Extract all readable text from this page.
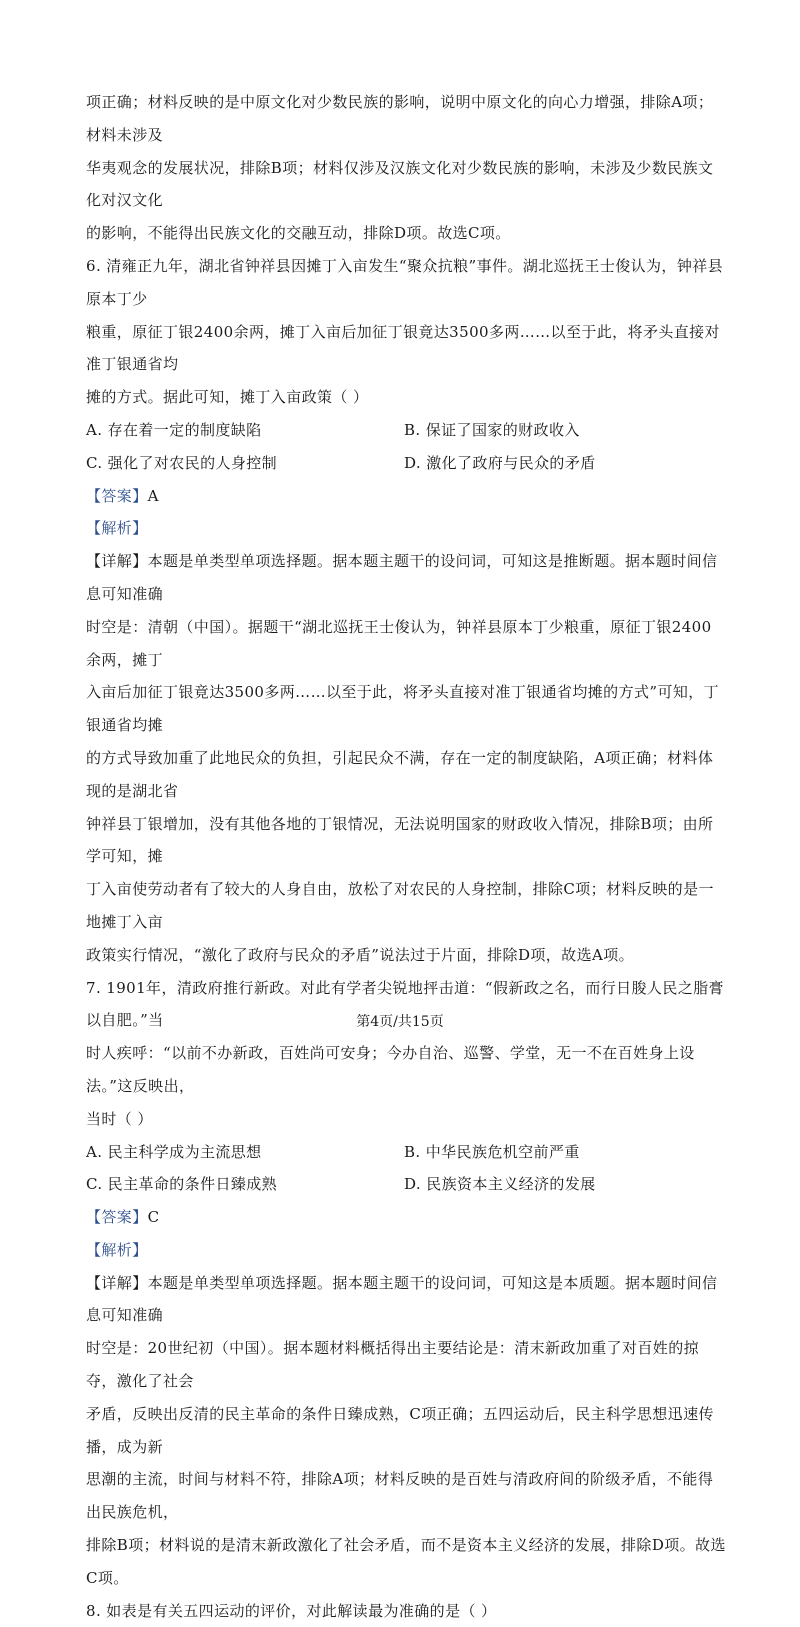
项正确；材料反映的是中原文化对少数民族的影响，说明中原文化的向心力增强，排除A项；材料未涉及

华夷观念的发展状况，排除B项；材料仅涉及汉族文化对少数民族的影响，未涉及少数民族文化对汉文化

的影响，不能得出民族文化的交融互动，排除D项。故选C项。

6. 清雍正九年，湖北省钟祥县因摊丁入亩发生“聚众抗粮”事件。湖北巡抚王士俊认为，钟祥县原本丁少

粮重，原征丁银2400余两，摊丁入亩后加征丁银竟达3500多两……以至于此，将矛头直接对准丁银通省均

摊的方式。据此可知，摊丁入亩政策（ ）

A. 存在着一定的制度缺陷	B. 保证了国家的财政收入
C. 强化了对农民的人身控制	D. 激化了政府与民众的矛盾

【答案】A

【解析】

【详解】本题是单类型单项选择题。据本题主题干的设问词，可知这是推断题。据本题时间信息可知准确

时空是：清朝（中国）。据题干“湖北巡抚王士俊认为，钟祥县原本丁少粮重，原征丁银2400余两，摊丁

入亩后加征丁银竟达3500多两……以至于此，将矛头直接对准丁银通省均摊的方式”可知，丁银通省均摊

的方式导致加重了此地民众的负担，引起民众不满，存在一定的制度缺陷，A项正确；材料体现的是湖北省

钟祥县丁银增加，没有其他各地的丁银情况，无法说明国家的财政收入情况，排除B项；由所学可知，摊

丁入亩使劳动者有了较大的人身自由，放松了对农民的人身控制，排除C项；材料反映的是一地摊丁入亩

政策实行情况，“激化了政府与民众的矛盾”说法过于片面，排除D项，故选A项。

7. 1901年，清政府推行新政。对此有学者尖锐地抨击道：“假新政之名，而行日朘人民之脂膏以自肥。”当

时人疾呼：“以前不办新政，百姓尚可安身；今办自治、巡警、学堂，无一不在百姓身上设法。”这反映出，

当时（ ）

A. 民主科学成为主流思想	B. 中华民族危机空前严重
C. 民主革命的条件日臻成熟	D. 民族资本主义经济的发展

【答案】C

【解析】

【详解】本题是单类型单项选择题。据本题主题干的设问词，可知这是本质题。据本题时间信息可知准确

时空是：20世纪初（中国）。据本题材料概括得出主要结论是：清末新政加重了对百姓的掠夺，激化了社会

矛盾，反映出反清的民主革命的条件日臻成熟，C项正确；五四运动后，民主科学思想迅速传播，成为新

思潮的主流，时间与材料不符，排除A项；材料反映的是百姓与清政府间的阶级矛盾，不能得出民族危机，

排除B项；材料说的是清末新政激化了社会矛盾，而不是资本主义经济的发展，排除D项。故选C项。

8. 如表是有关五四运动的评价，对此解读最为准确的是（ ）

第4页/共15页
